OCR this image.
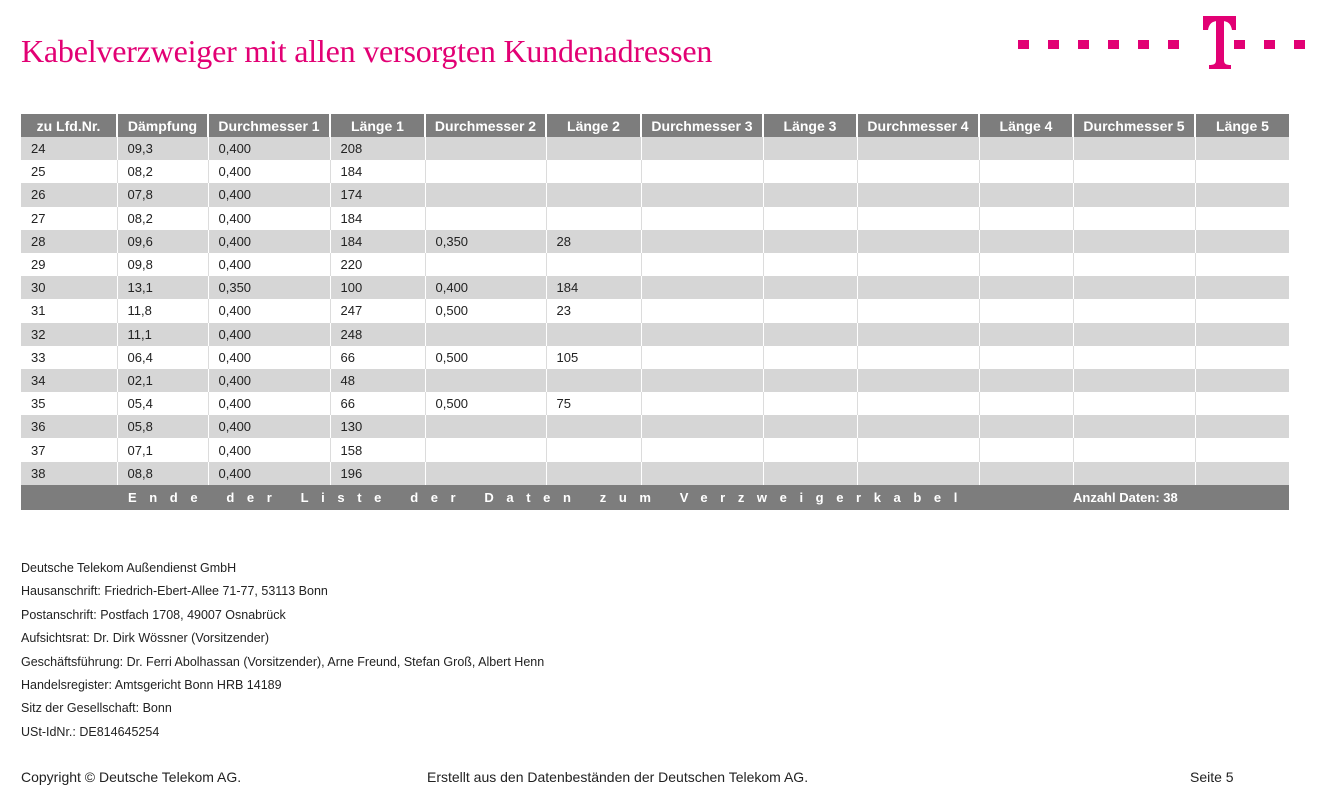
Kabelverzweiger mit allen versorgten Kundenadressen
zu Lfd.Nr.	Dämpfung	Durchmesser 1	Länge 1	Durchmesser 2	Länge 2	Durchmesser 3	Länge 3	Durchmesser 4	Länge 4	Durchmesser 5	Länge 5
24	09,3	0,400	208								
25	08,2	0,400	184								
26	07,8	0,400	174								
27	08,2	0,400	184								
28	09,6	0,400	184	0,350	28						
29	09,8	0,400	220								
30	13,1	0,350	100	0,400	184						
31	11,8	0,400	247	0,500	23						
32	11,1	0,400	248								
33	06,4	0,400	66	0,500	105						
34	02,1	0,400	48								
35	05,4	0,400	66	0,500	75						
36	05,8	0,400	130								
37	07,1	0,400	158								
38	08,8	0,400	196								
Ende der Liste der Daten zum Verzweigerkabel										Anzahl Daten: 38	
Deutsche Telekom Außendienst GmbH
Hausanschrift: Friedrich-Ebert-Allee 71-77, 53113 Bonn
Postanschrift: Postfach 1708, 49007 Osnabrück
Aufsichtsrat: Dr. Dirk Wössner (Vorsitzender)
Geschäftsführung: Dr. Ferri Abolhassan (Vorsitzender), Arne Freund, Stefan Groß, Albert Henn
Handelsregister: Amtsgericht Bonn HRB 14189
Sitz der Gesellschaft: Bonn
USt-IdNr.: DE814645254
Copyright © Deutsche Telekom AG.	Erstellt aus den Datenbeständen der Deutschen Telekom AG.	Seite 5
